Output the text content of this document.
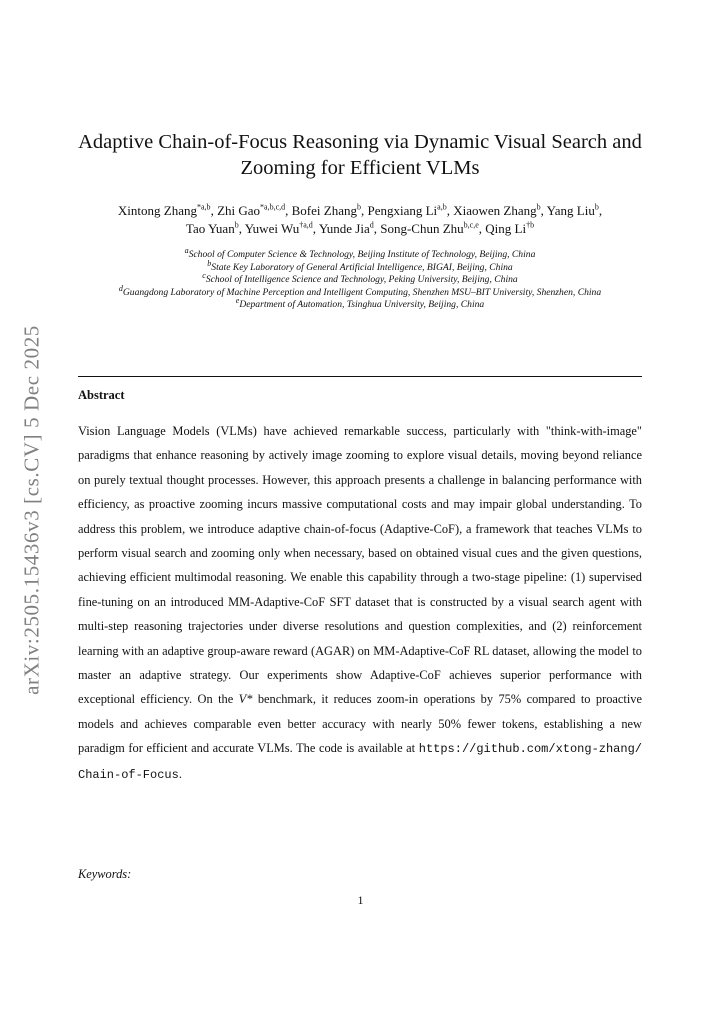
arXiv:2505.15436v3 [cs.CV] 5 Dec 2025
Adaptive Chain-of-Focus Reasoning via Dynamic Visual Search and Zooming for Efficient VLMs
Xintong Zhang$^{*a,b}$, Zhi Gao$^{*a,b,c,d}$, Bofei Zhang$^b$, Pengxiang Li$^{a,b}$, Xiaowen Zhang$^b$, Yang Liu$^b$,
Tao Yuan$^b$, Yuwei Wu$^{\dagger a,d}$, Yunde Jia$^d$, Song-Chun Zhu$^{b,c,e}$, Qing Li$^{\dagger b}$
$^a$School of Computer Science & Technology, Beijing Institute of Technology, Beijing, China
$^b$State Key Laboratory of General Artificial Intelligence, BIGAI, Beijing, China
$^c$School of Intelligence Science and Technology, Peking University, Beijing, China
$^d$Guangdong Laboratory of Machine Perception and Intelligent Computing, Shenzhen MSU–BIT University, Shenzhen, China
$^e$Department of Automation, Tsinghua University, Beijing, China
Abstract

Vision Language Models (VLMs) have achieved remarkable success, particularly with "think-with-image" paradigms that enhance reasoning by actively image zooming to explore visual details, moving beyond reliance on purely textual thought processes. However, this approach presents a challenge in balancing performance with efficiency, as proactive zooming incurs massive computational costs and may impair global understanding. To address this problem, we introduce adaptive chain-of-focus (Adaptive-CoF), a framework that teaches VLMs to perform visual search and zooming only when necessary, based on obtained visual cues and the given questions, achieving efficient multimodal reasoning. We enable this capability through a two-stage pipeline: (1) supervised fine-tuning on an introduced MM-Adaptive-CoF SFT dataset that is constructed by a visual search agent with multi-step reasoning trajectories under diverse resolutions and question complexities, and (2) reinforcement learning with an adaptive group-aware reward (AGAR) on MM-Adaptive-CoF RL dataset, allowing the model to master an adaptive strategy. Our experiments show Adaptive-CoF achieves superior performance with exceptional efficiency. On the V* benchmark, it reduces zoom-in operations by 75% compared to proactive models and achieves comparable even better accuracy with nearly 50% fewer tokens, establishing a new paradigm for efficient and accurate VLMs. The code is available at https://github.com/xtong-zhang/ Chain-of-Focus.

Keywords:
1
